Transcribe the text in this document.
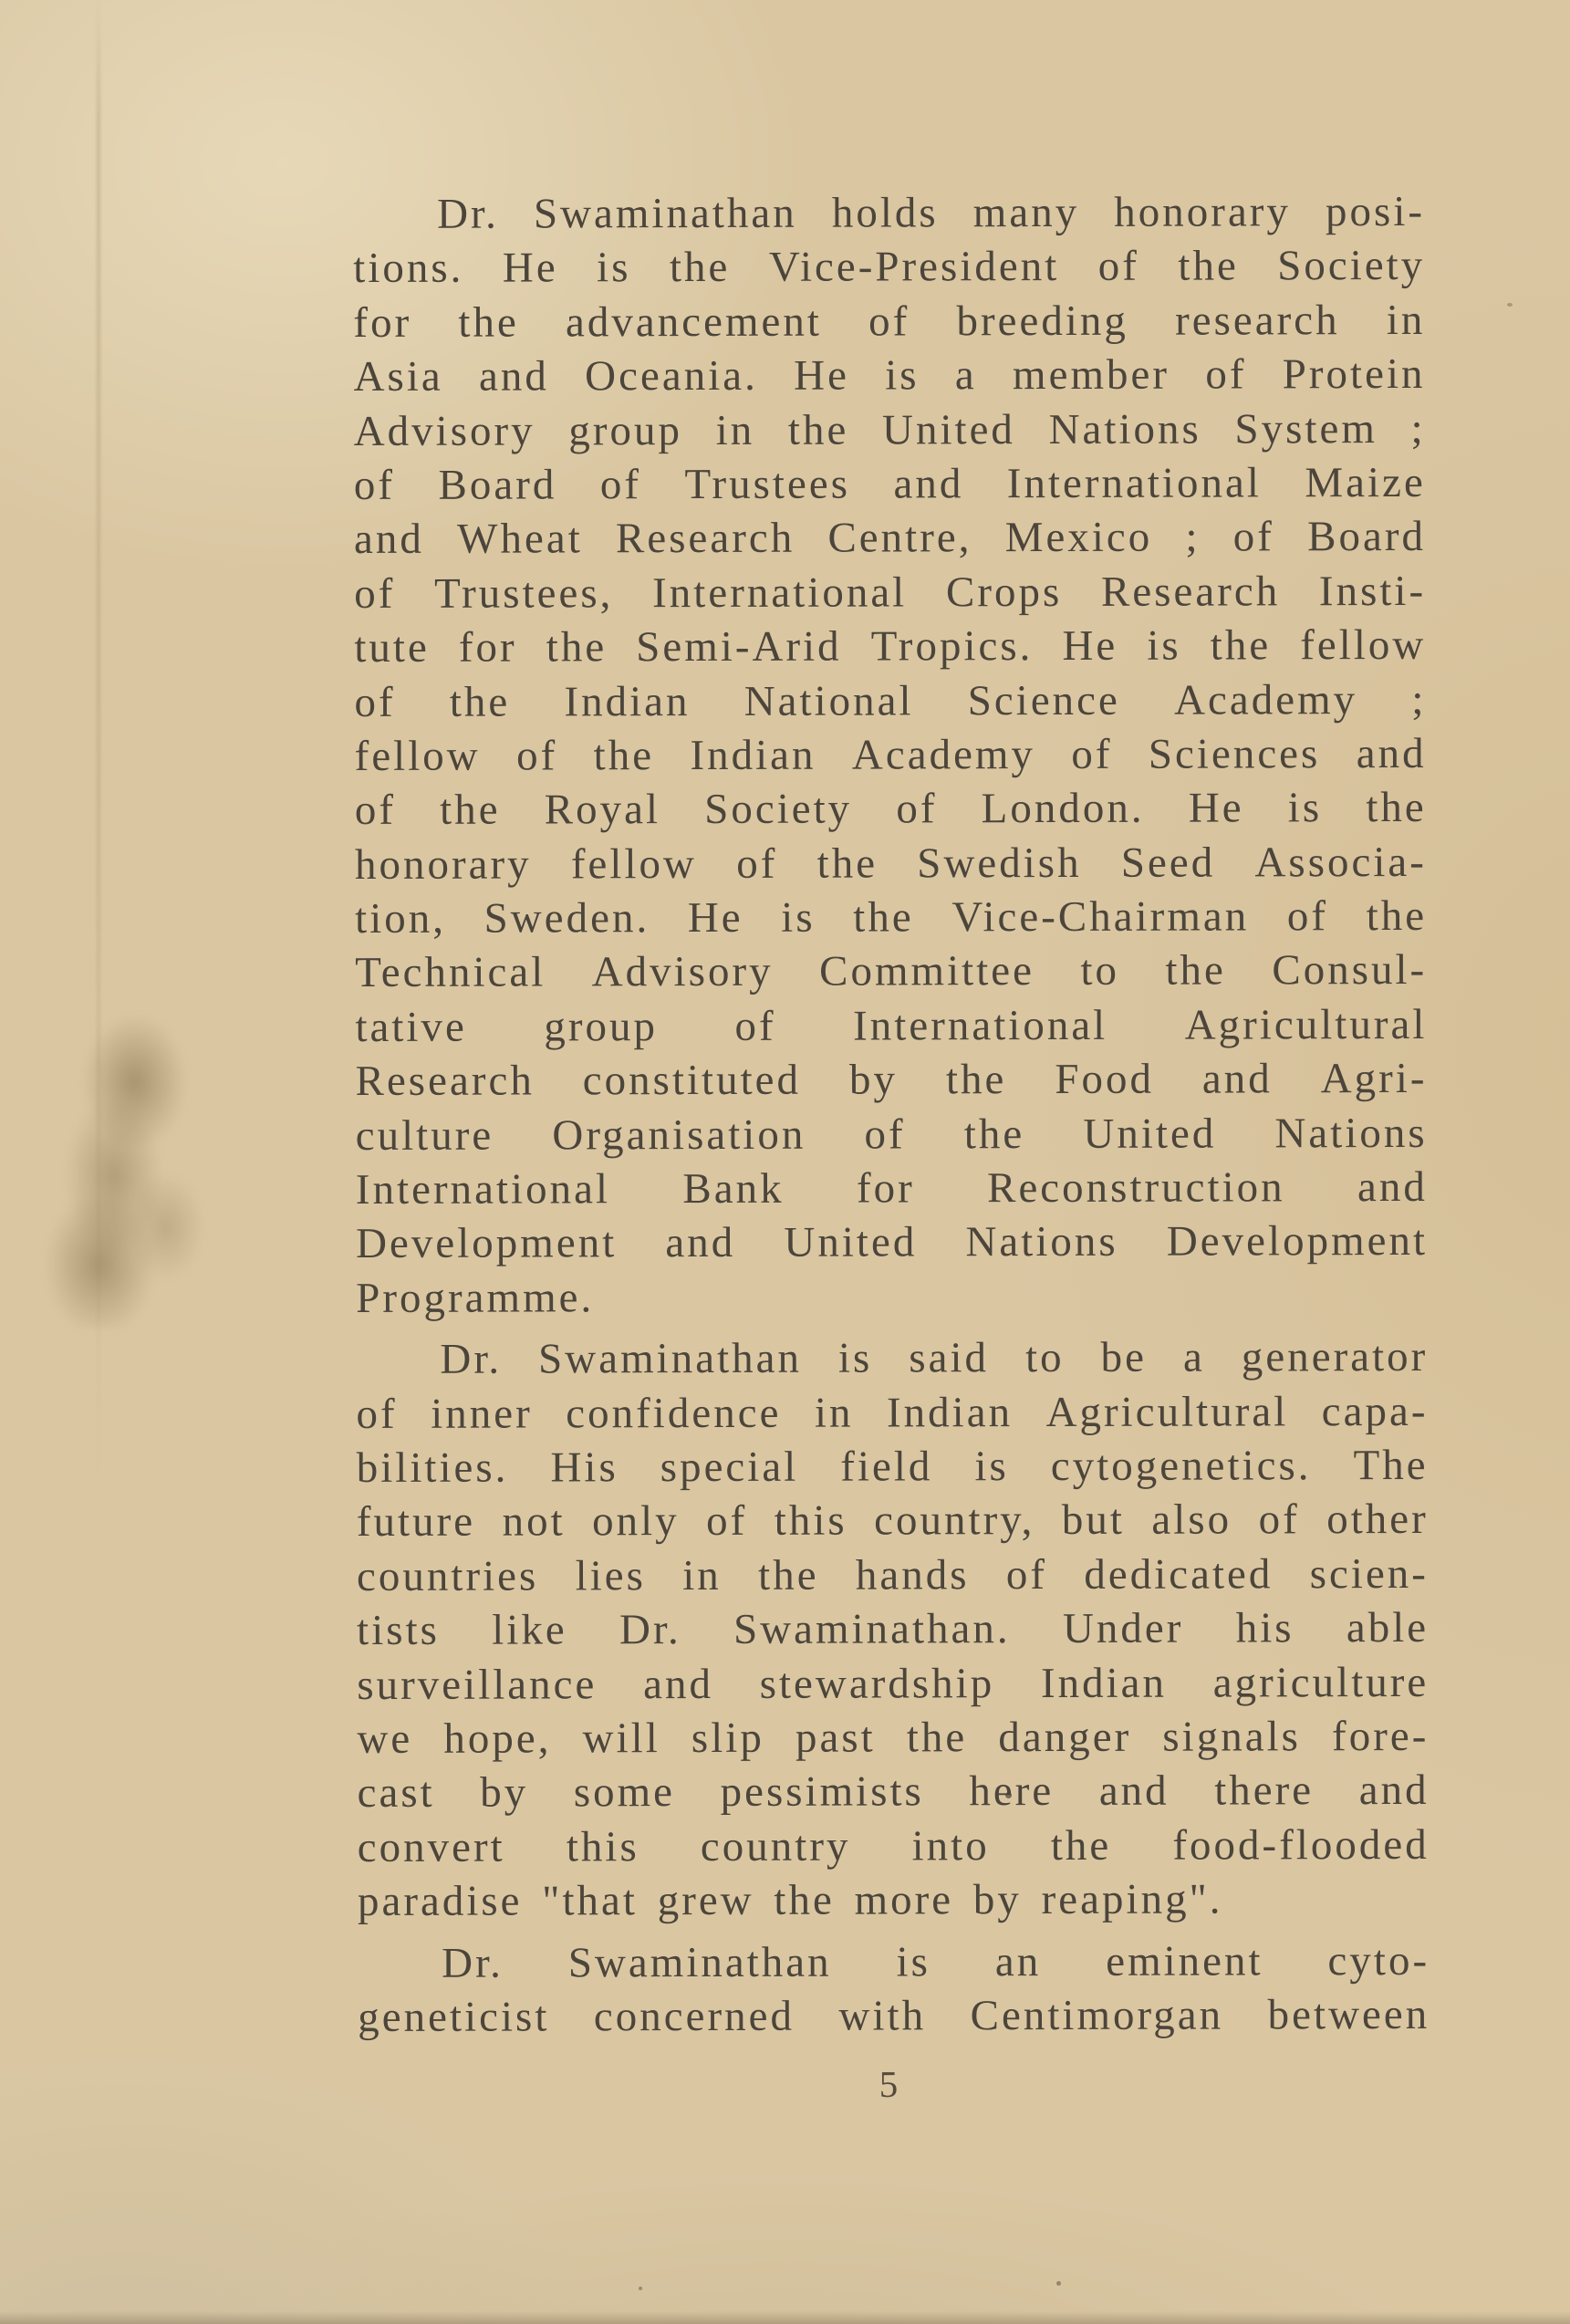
Dr. Swaminathan holds many honorary posi-
tions. He is the Vice-President of the Society
for the advancement of breeding research in
Asia and Oceania. He is a member of Protein
Advisory group in the United Nations System ;
of Board of Trustees and International Maize
and Wheat Research Centre, Mexico ; of Board
of Trustees, International Crops Research Insti-
tute for the Semi-Arid Tropics. He is the fellow
of the Indian National Science Academy ;
fellow of the Indian Academy of Sciences and
of the Royal Society of London. He is the
honorary fellow of the Swedish Seed Associa-
tion, Sweden. He is the Vice-Chairman of the
Technical Advisory Committee to the Consul-
tative group of International Agricultural
Research constituted by the Food and Agri-
culture Organisation of the United Nations
International Bank for Reconstruction and
Development and United Nations Development
Programme.
Dr. Swaminathan is said to be a generator
of inner confidence in Indian Agricultural capa-
bilities. His special field is cytogenetics. The
future not only of this country, but also of other
countries lies in the hands of dedicated scien-
tists like Dr. Swaminathan. Under his able
surveillance and stewardship Indian agriculture
we hope, will slip past the danger signals fore-
cast by some pessimists here and there and
convert this country into the food-flooded
paradise "that grew the more by reaping".
Dr. Swaminathan is an eminent cyto-
geneticist concerned with Centimorgan between
5
